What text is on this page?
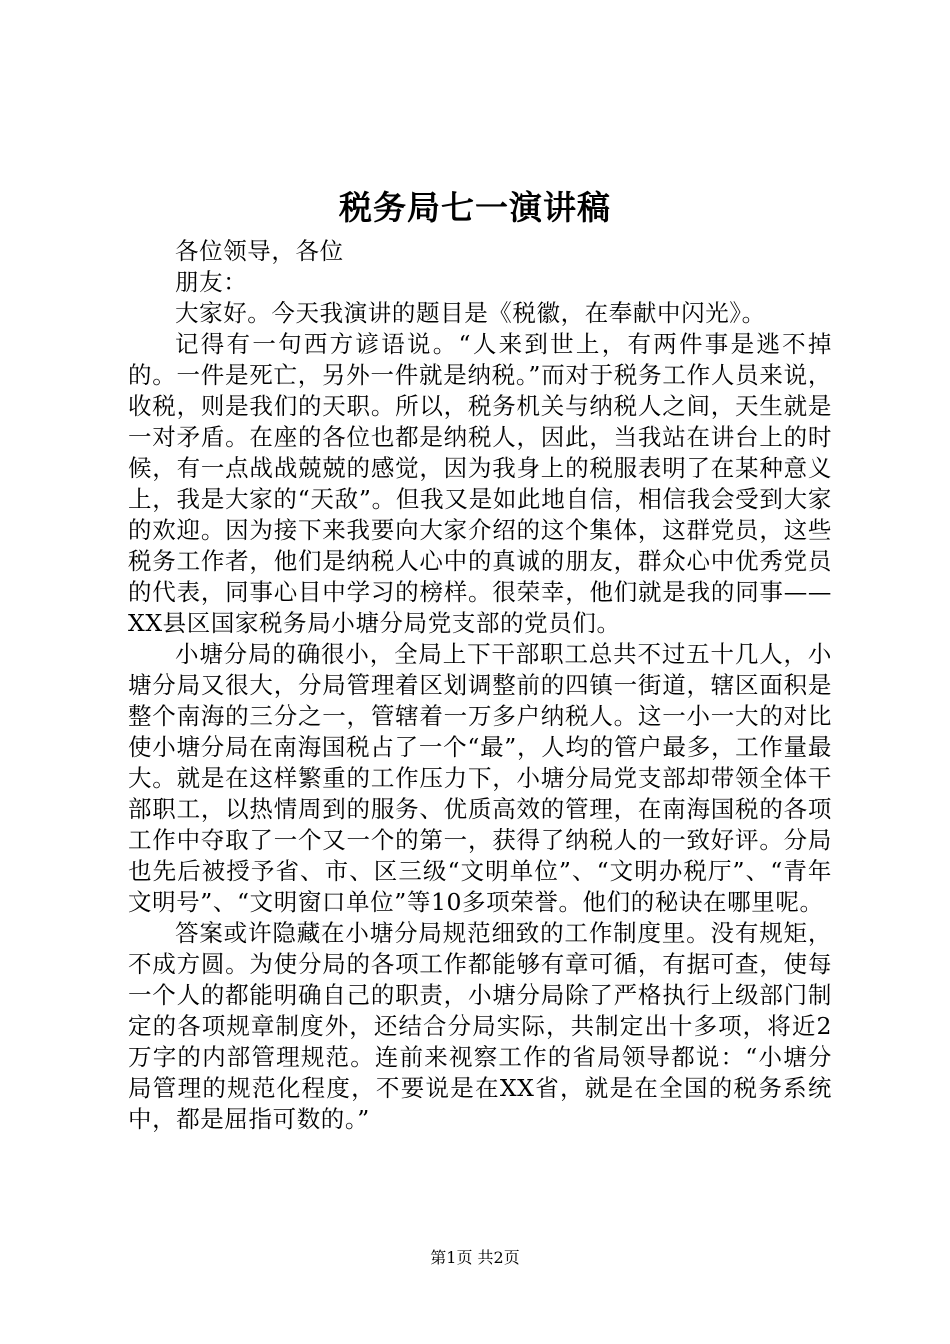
税务局七一演讲稿

各位领导，各位

朋友：

大家好。今天我演讲的题目是《税徽，在奉献中闪光》。

记得有一句西方谚语说。“人来到世上，有两件事是逃不掉的。一件是死亡，另外一件就是纳税。”而对于税务工作人员来说，收税，则是我们的天职。所以，税务机关与纳税人之间，天生就是一对矛盾。在座的各位也都是纳税人，因此，当我站在讲台上的时候，有一点战战兢兢的感觉，因为我身上的税服表明了在某种意义上，我是大家的“天敌”。但我又是如此地自信，相信我会受到大家的欢迎。因为接下来我要向大家介绍的这个集体，这群党员，这些税务工作者，他们是纳税人心中的真诚的朋友，群众心中优秀党员的代表，同事心目中学习的榜样。很荣幸，他们就是我的同事——XX县区国家税务局小塘分局党支部的党员们。

小塘分局的确很小，全局上下干部职工总共不过五十几人，小塘分局又很大，分局管理着区划调整前的四镇一街道，辖区面积是整个南海的三分之一，管辖着一万多户纳税人。这一小一大的对比使小塘分局在南海国税占了一个“最”，人均的管户最多，工作量最大。就是在这样繁重的工作压力下，小塘分局党支部却带领全体干部职工，以热情周到的服务、优质高效的管理，在南海国税的各项工作中夺取了一个又一个的第一，获得了纳税人的一致好评。分局也先后被授予省、市、区三级“文明单位”、“文明办税厅”、“青年文明号”、“文明窗口单位”等10多项荣誉。他们的秘诀在哪里呢。

答案或许隐藏在小塘分局规范细致的工作制度里。没有规矩，不成方圆。为使分局的各项工作都能够有章可循，有据可查，使每一个人的都能明确自己的职责，小塘分局除了严格执行上级部门制定的各项规章制度外，还结合分局实际，共制定出十多项，将近2万字的内部管理规范。连前来视察工作的省局领导都说：“小塘分局管理的规范化程度，不要说是在XX省，就是在全国的税务系统中，都是屈指可数的。”

第1页 共2页
